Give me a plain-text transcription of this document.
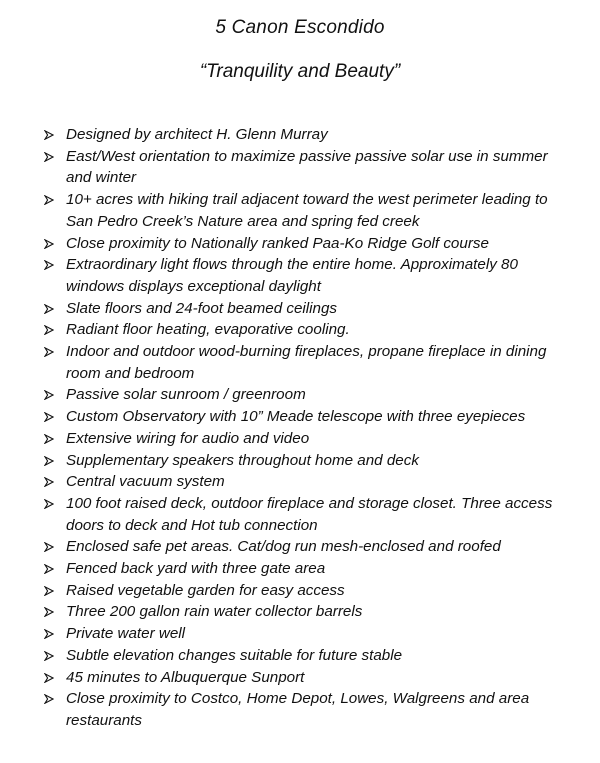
5 Canon Escondido
“Tranquility and Beauty”
Designed by architect H. Glenn Murray
East/West orientation to maximize passive passive solar use in summer and winter
10+ acres with hiking trail adjacent toward the west perimeter leading to San Pedro Creek’s Nature area and spring fed creek
Close proximity to Nationally ranked Paa-Ko Ridge Golf course
Extraordinary light flows through the entire home. Approximately 80 windows displays exceptional daylight
Slate floors and 24-foot beamed ceilings
Radiant floor heating, evaporative cooling.
Indoor and outdoor wood-burning fireplaces, propane fireplace in dining room and bedroom
Passive solar sunroom / greenroom
Custom Observatory with 10” Meade telescope with three eyepieces
Extensive wiring for audio and video
Supplementary speakers throughout home and deck
Central vacuum system
100 foot raised deck, outdoor fireplace and storage closet. Three access doors to deck and Hot tub connection
Enclosed safe pet areas. Cat/dog run mesh-enclosed and roofed
Fenced back yard with three gate area
Raised vegetable garden for easy access
Three 200 gallon rain water collector barrels
Private water well
Subtle elevation changes suitable for future stable
45 minutes to Albuquerque Sunport
Close proximity to Costco, Home Depot, Lowes, Walgreens and area restaurants
